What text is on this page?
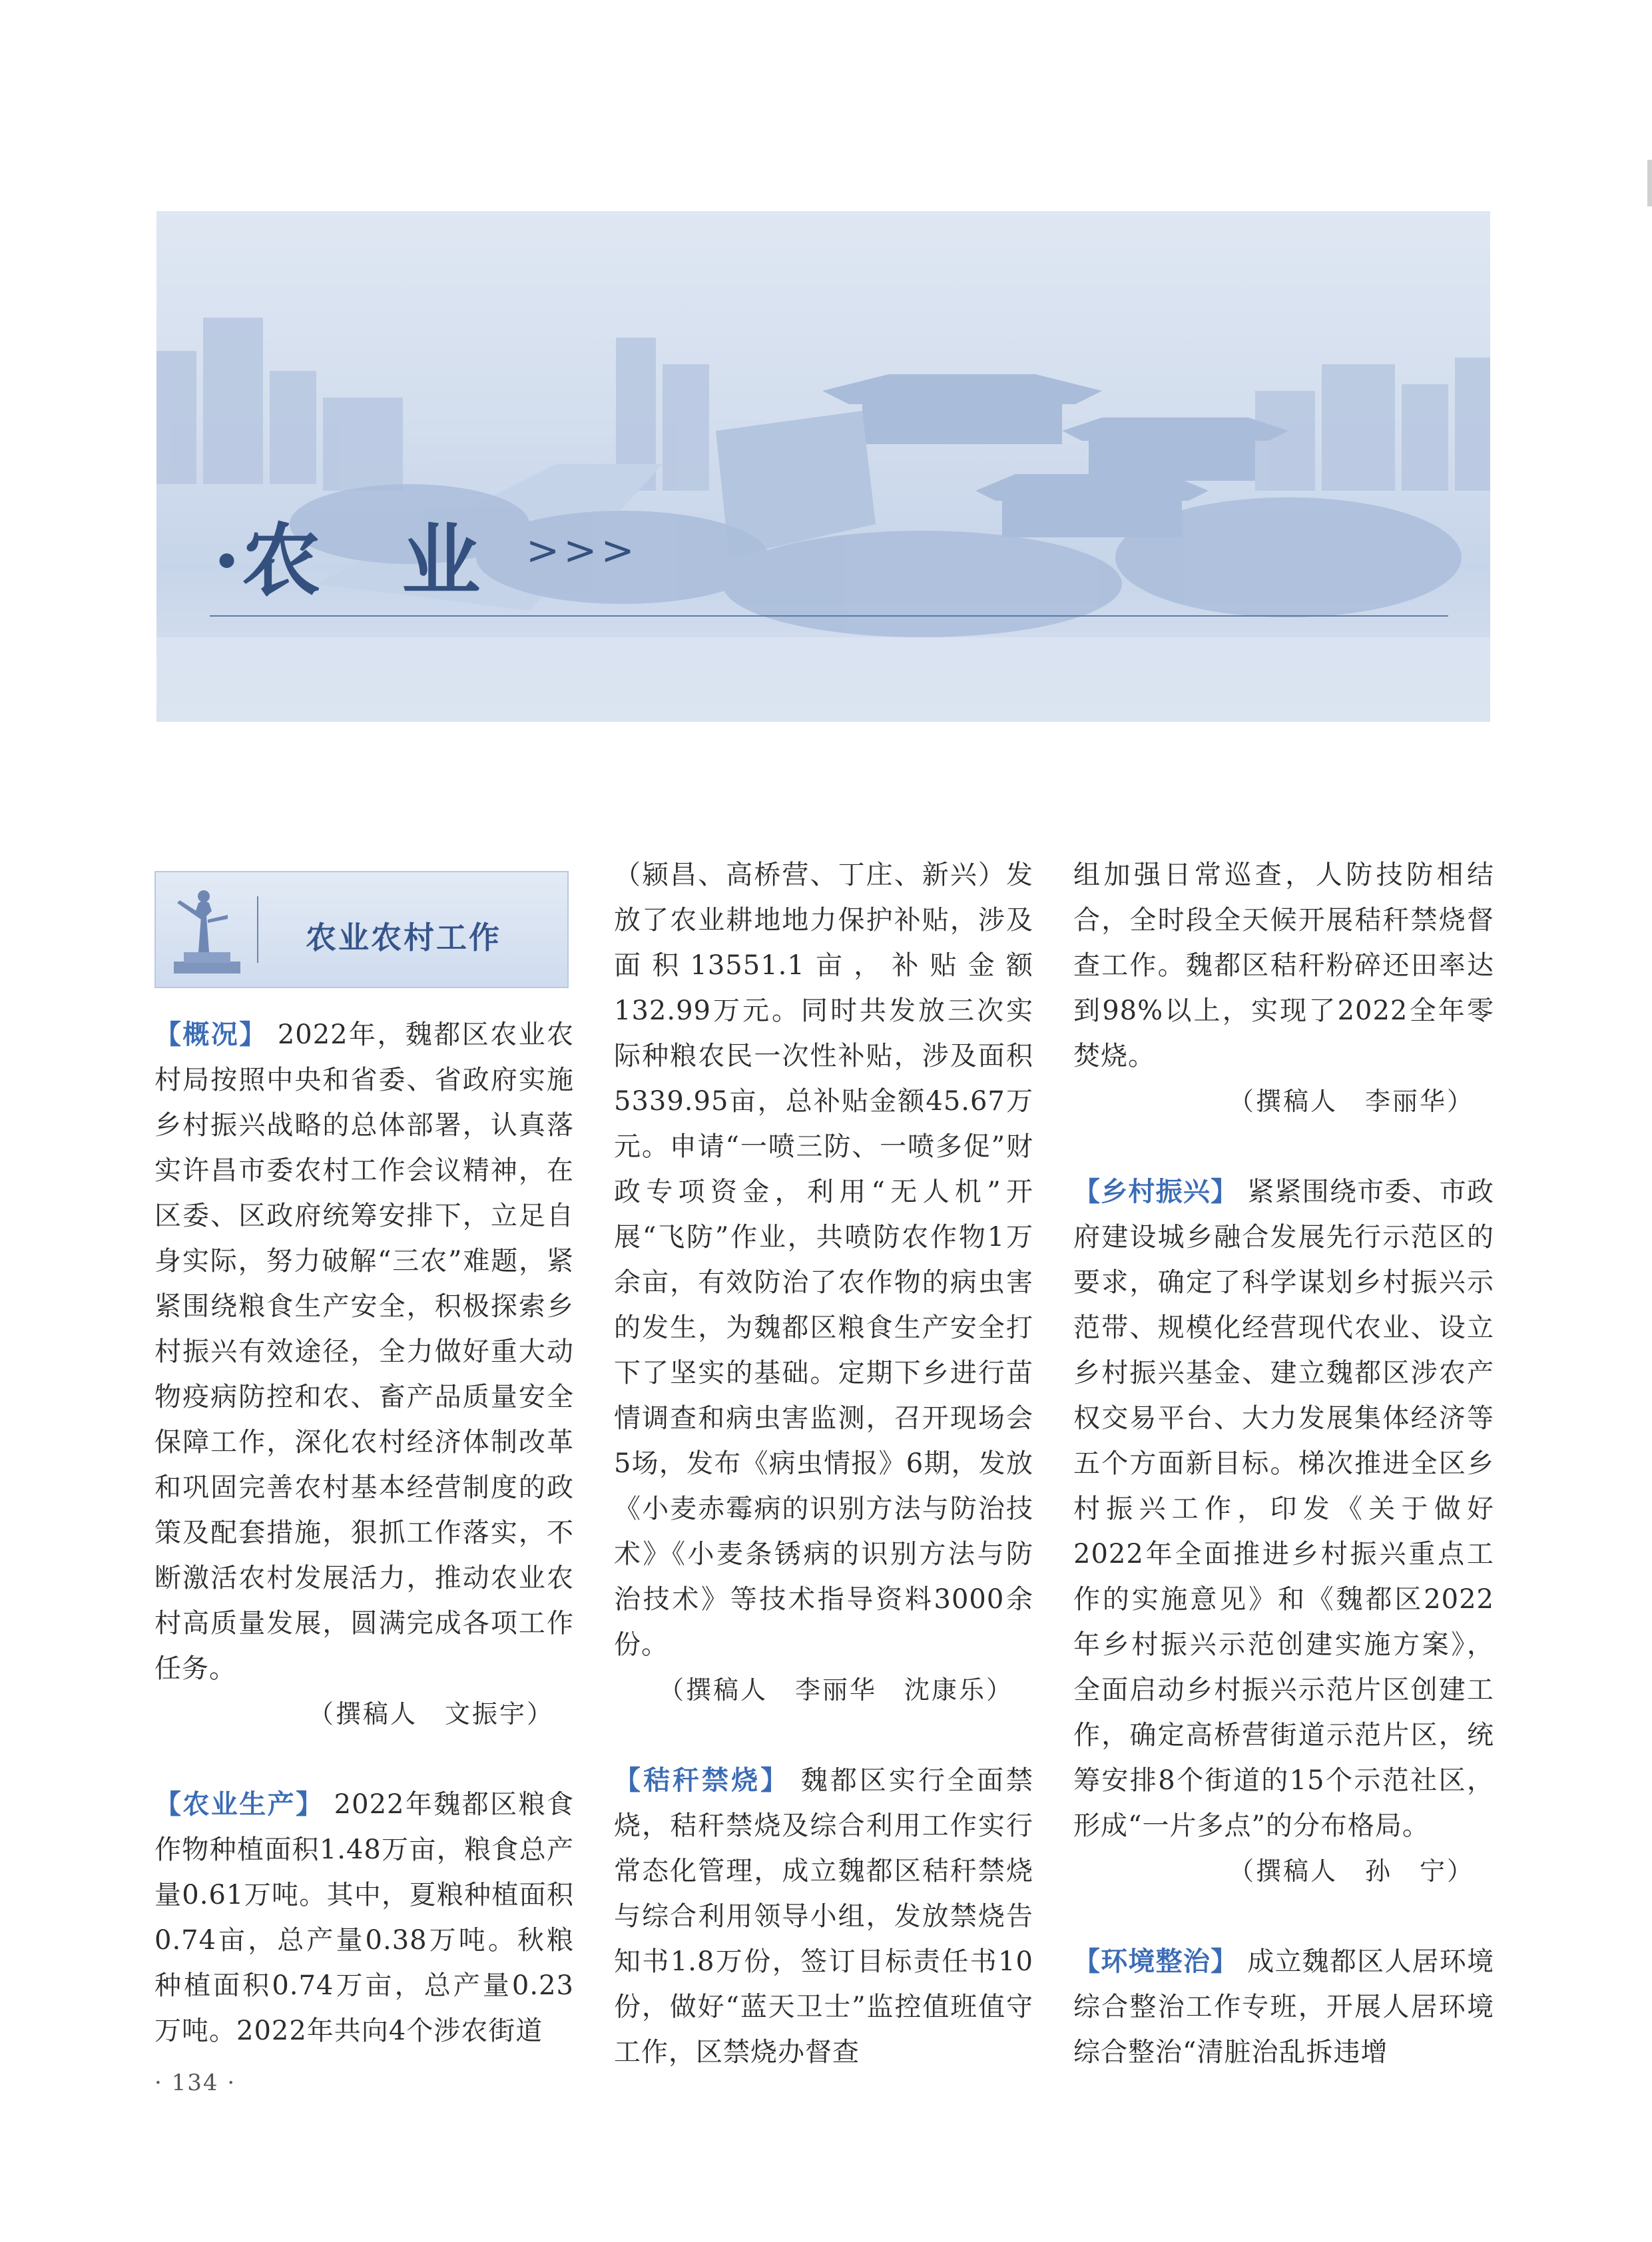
·农　业 >>>
农业农村工作

【概况】 2022年，魏都区农业农村局按照中央和省委、省政府实施乡村振兴战略的总体部署，认真落实许昌市委农村工作会议精神，在区委、区政府统筹安排下，立足自身实际，努力破解“三农”难题，紧紧围绕粮食生产安全，积极探索乡村振兴有效途径，全力做好重大动物疫病防控和农、畜产品质量安全保障工作，深化农村经济体制改革和巩固完善农村基本经营制度的政策及配套措施，狠抓工作落实，不断激活农村发展活力，推动农业农村高质量发展，圆满完成各项工作任务。

（撰稿人　文振宇）

【农业生产】 2022年魏都区粮食作物种植面积1.48万亩，粮食总产量0.61万吨。其中，夏粮种植面积0.74亩，总产量0.38万吨。秋粮种植面积0.74万亩，总产量0.23万吨。2022年共向4个涉农街道

（颍昌、高桥营、丁庄、新兴）发放了农业耕地地力保护补贴，涉及面积13551.1亩，补贴金额132.99万元。同时共发放三次实际种粮农民一次性补贴，涉及面积5339.95亩，总补贴金额45.67万元。申请“一喷三防、一喷多促”财政专项资金，利用“无人机”开展“飞防”作业，共喷防农作物1万余亩，有效防治了农作物的病虫害的发生，为魏都区粮食生产安全打下了坚实的基础。定期下乡进行苗情调查和病虫害监测，召开现场会5场，发布《病虫情报》6期，发放《小麦赤霉病的识别方法与防治技术》《小麦条锈病的识别方法与防治技术》等技术指导资料3000余份。

（撰稿人　李丽华　沈康乐）

【秸秆禁烧】 魏都区实行全面禁烧，秸秆禁烧及综合利用工作实行常态化管理，成立魏都区秸秆禁烧与综合利用领导小组，发放禁烧告知书1.8万份，签订目标责任书10份，做好“蓝天卫士”监控值班值守工作，区禁烧办督查

组加强日常巡查，人防技防相结合，全时段全天候开展秸秆禁烧督查工作。魏都区秸秆粉碎还田率达到98%以上，实现了2022全年零焚烧。

（撰稿人　李丽华）

【乡村振兴】 紧紧围绕市委、市政府建设城乡融合发展先行示范区的要求，确定了科学谋划乡村振兴示范带、规模化经营现代农业、设立乡村振兴基金、建立魏都区涉农产权交易平台、大力发展集体经济等五个方面新目标。梯次推进全区乡村振兴工作，印发《关于做好2022年全面推进乡村振兴重点工作的实施意见》和《魏都区2022年乡村振兴示范创建实施方案》，全面启动乡村振兴示范片区创建工作，确定高桥营街道示范片区，统筹安排8个街道的15个示范社区，形成“一片多点”的分布格局。

（撰稿人　孙　宁）

【环境整治】 成立魏都区人居环境综合整治工作专班，开展人居环境综合整治“清脏治乱拆违增

· 134 ·
